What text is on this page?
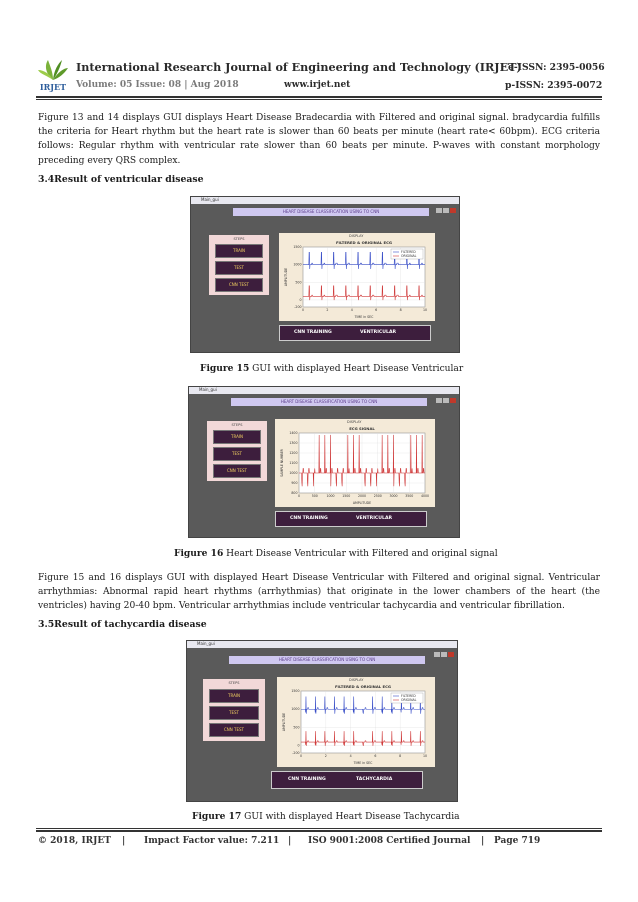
IRJET
International Research Journal of Engineering and Technology (IRJET)
e-ISSN: 2395-0056
Volume: 05 Issue: 08 | Aug 2018	www.irjet.net	p-ISSN: 2395-0072
Figure 13 and 14 displays GUI displays Heart Disease Bradecardia with Filtered and original signal. bradycardia fulfills the criteria for Heart rhythm but the heart rate is slower than 60 beats per minute (heart rate< 60bpm). ECG criteria follows: Regular rhythm with ventricular rate slower than 60 beats per minute. P-waves with constant morphology preceding every QRS complex.
3.4Result of ventricular disease
Main_gui
HEART DISEASE CLASSIFICATION USING TO CNN
STEPS
TRAIN
TEST
CNN TEST
DISPLAY
FILTERED & ORIGINAL ECG
0	2	4	6	8	10
-200
0
500
1000
1500
TIME in SEC
AMPLITUDE
FILTERED
ORIGINAL
CNN TRAINING	VENTRICULAR
Figure 15 GUI with displayed Heart Disease Ventricular
Main_gui
HEART DISEASE CLASSIFICATION USING TO CNN
STEPS
TRAIN
TEST
CNN TEST
DISPLAY
ECG SIGNAL
0	500	1000 1500 2000 2500 3000 3500 4000
800
900
1000
1100
1200
1300
1400
AMPLITUDE
SAMPLE NUMBER
CNN TRAINING	VENTRICULAR
Figure 16 Heart Disease Ventricular with Filtered and original signal
Figure 15 and 16 displays GUI with displayed Heart Disease Ventricular with Filtered and original signal. Ventricular arrhythmias: Abnormal rapid heart rhythms (arrhythmias) that originate in the lower chambers of the heart (the ventricles) having 20-40 bpm. Ventricular arrhythmias include ventricular tachycardia and ventricular fibrillation.
3.5Result of tachycardia disease
Main_gui
HEART DISEASE CLASSIFICATION USING TO CNN
STEPS
TRAIN
TEST
CNN TEST
DISPLAY
FILTERED & ORIGINAL ECG
0	2	4	6	8	10
-200
0
500
1000
1500
TIME in SEC
AMPLITUDE
FILTERED
ORIGINAL
CNN TRAINING	TACHYCARDIA
Figure 17 GUI with displayed Heart Disease Tachycardia
© 2018, IRJET | Impact Factor value: 7.211 | ISO 9001:2008 Certified Journal | Page 719
